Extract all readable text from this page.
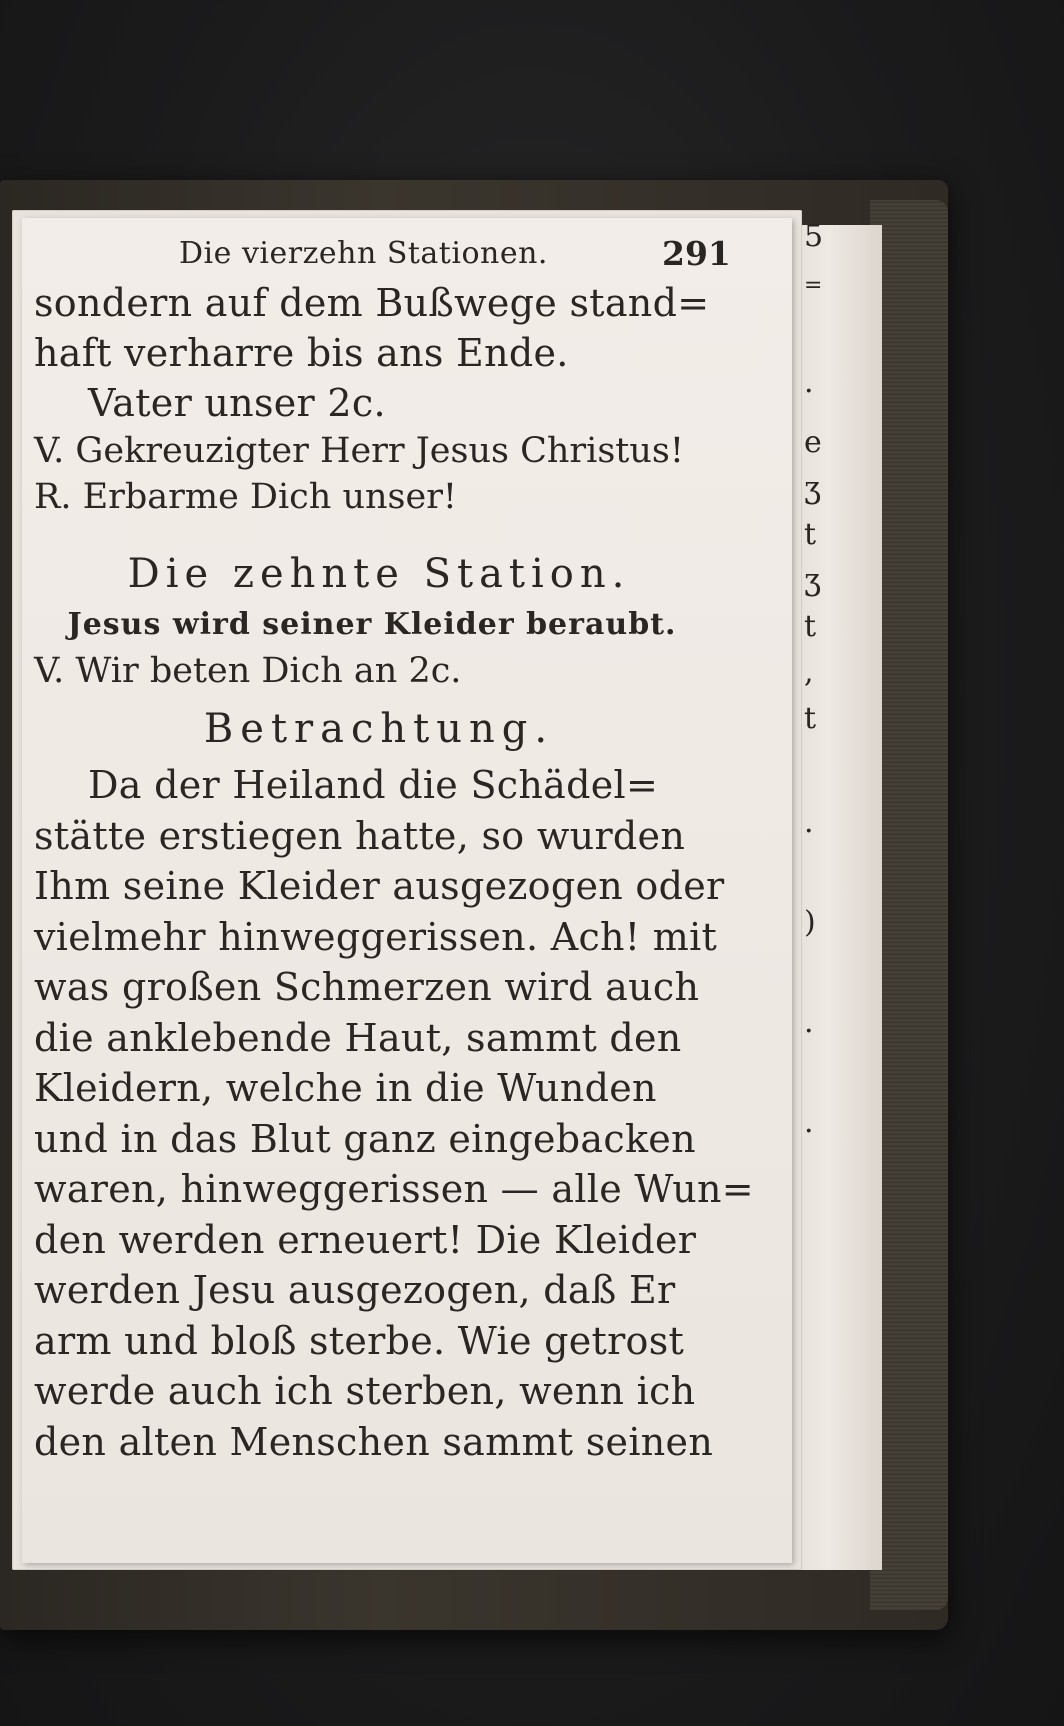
5
=
.
e
ʒ
t
ʒ
t
,
t
.
)
.
.
Die vierzehn Stationen.	291
sondern auf dem Bußwege stand=
haft verharre bis ans Ende.
Vater unser 2c.
V. Gekreuzigter Herr Jesus Christus!
R. Erbarme Dich unser!
Die zehnte Station.
Jesus wird seiner Kleider beraubt.
V. Wir beten Dich an 2c.
Betrachtung.
Da der Heiland die Schädel=
stätte erstiegen hatte, so wurden
Ihm seine Kleider ausgezogen oder
vielmehr hinweggerissen. Ach! mit
was großen Schmerzen wird auch
die anklebende Haut, sammt den
Kleidern, welche in die Wunden
und in das Blut ganz eingebacken
waren, hinweggerissen — alle Wun=
den werden erneuert! Die Kleider
werden Jesu ausgezogen, daß Er
arm und bloß sterbe. Wie getrost
werde auch ich sterben, wenn ich
den alten Menschen sammt seinen
